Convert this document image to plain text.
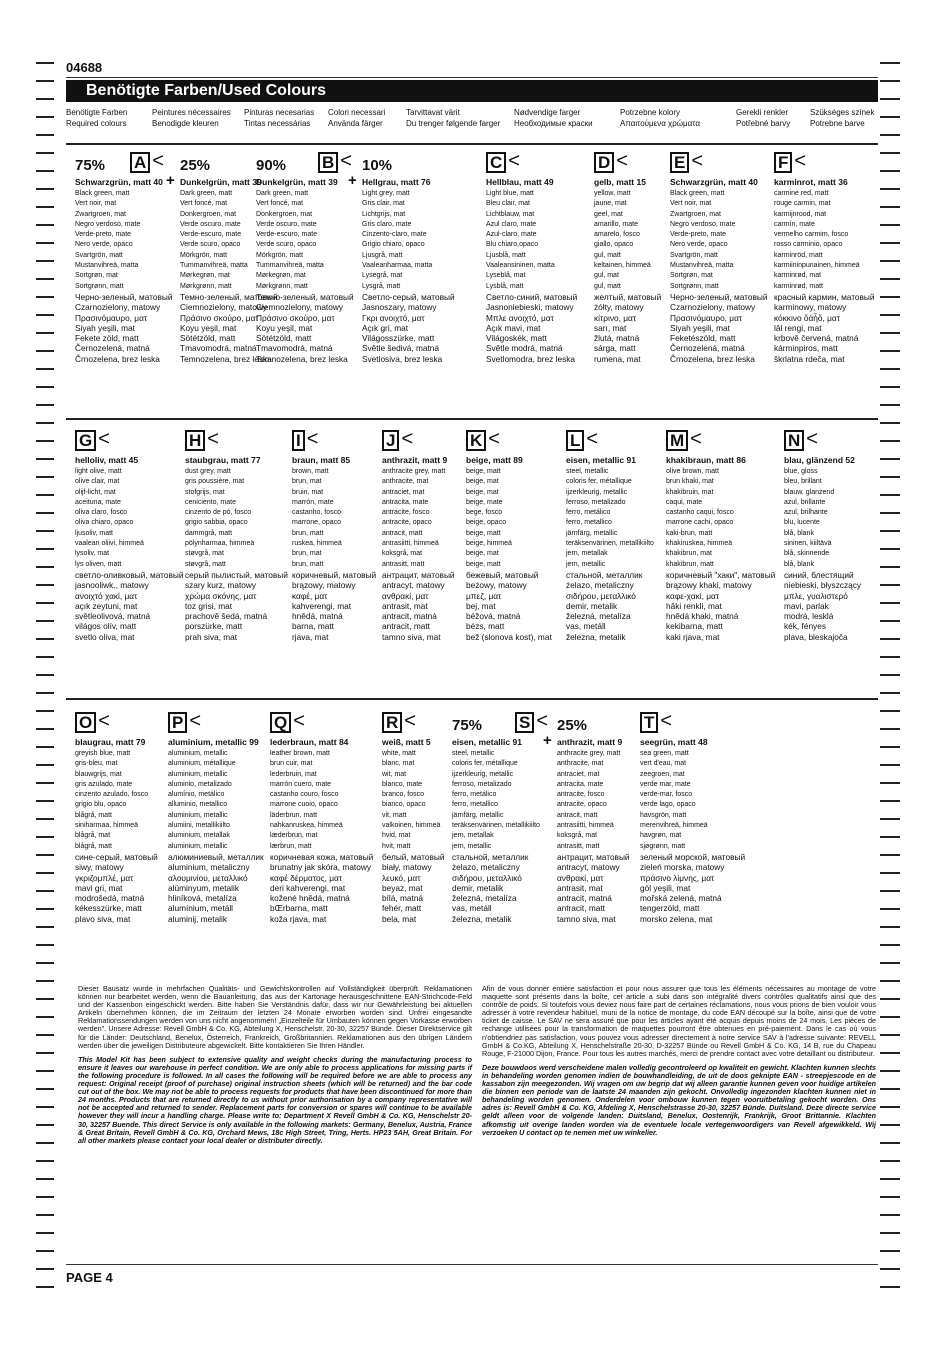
04688
Benötigte Farben/Used Colours
Benötigte Farben
Required colours
Peintures nécessaires
Benodigde kleuren
Pinturas necesarias
Tintas necessárias
Colori necessari
Använda färger
Tarvittavat värit
Du trenger følgende farger
Nødvendige farger
Необходимые краски
Potrzebne kolory
Απαιτούμενα χρώματα
Gerekli renkler
Potřebné barvy
Szükséges színek
Potrebne barve
C <
Hellblau, matt 49
Light blue, matt
Bleu clair, mat
Lichtblauw, mat
Azul claro, mate
Azul-claro, mate
Blu chiaro,opaco
Ljusblå, matt
Vaaleansininen, matta
Lyseblå, mat
Lysblå, matt
Светло-синий, матовый
Jasnoniebieski, matowy
Μπλε ανοιχτό, ματ
Açık mavi, mat
Világoskék, matt
Světle modrá, matná
Svetlomodra, brez leska
D <
gelb, matt 15
yellow, matt
jaune, mat
geel, mat
amarillo, mate
amarelo, fosco
giallo, opaco
gul, matt
keltainen, himmeä
gul, mat
gul, matt
желтый, матовый
żółty, matowy
κίτρινο, ματ
sarı, mat
žlutá, matná
sárga, matt
rumena, mat
E <
Schwarzgrün, matt 40
Black green, matt
Vert noir, mat
Zwartgroen, mat
Negro verdoso, mate
Verde-preto, mate
Nero verde, opaco
Svartgrön, matt
Mustanvihreä, matta
Sortgrøn, mat
Sortgrønn, matt
Черно-зеленый, матовый
Czarnozielony, matowy
Πρασινόμαυρο, ματ
Siyah yeşili, mat
Feketészöld, matt
Černozelená, matná
Črnozelena, brez leska
F <
karminrot, matt 36
carmine red, matt
rouge carmin, mat
karmijnrood, mat
carmín, mate
vermelho carmim, fosco
rosso carminio, opaco
karminröd, matt
karmiininpunainen, himmeä
karminrød, mat
karminrød, matt
красный кармин, матовый
karminowy, matowy
κόκκινο ὄάἧὄ, ματ
lâl rengi, mat
krbově červená, matná
kárminpiros, matt
škrlatna rdeča, mat
G <
helloliv, matt 45
light olive, matt
olive clair, mat
olijf-licht, mat
aceituna, mate
oliva claro, fosco
oliva chiaro, opaco
ljusoliv, matt
vaalean oliivi, himmeä
lysoliv, mat
lys oliven, matt
светло-оливковый, матовый
jasnooliwk., matowy
ανοιχτό χακί, ματ
açık zeytuni, mat
světleolivová, matná
világos olív, matt
svetlo oliva, mat
H <
staubgrau, matt 77
dust grey, matt
gris poussière, mat
stofgrijs, mat
ceniciento, mate
cinzento de pó, fosco
grigio sabbia, opaco
dammgrå, matt
pölynharmaa, himmeä
støvgrå, mat
støvgrå, matt
серый пылистый, матовый
szary kurz, matowy
χρώμα σκόνης, ματ
toz grisi, mat
prachově šedá, matná
porszürke, matt
prah siva, mat
I <
braun, matt 85
brown, matt
brun, mat
bruin, mat
marrón, mate
castanho, fosco
marrone, opaco
brun, matt
ruskea, himmeä
brun, mat
brun, matt
коричневый, матовый
brązowy, matowy
καφέ, ματ
kahverengi, mat
hnědá, matná
barna, matt
rjava, mat
J <
anthrazit, matt 9
anthracite grey, matt
anthracite, mat
antraciet, mat
antracita, mate
antracite, fosco
antracite, opaco
antracit, matt
antrasiitti, himmeä
koksgrå, mat
antrasitt, matt
антрацит, матовый
antracyt, matowy
ανθρακί, ματ
antrasit, mat
antracit, matná
antracit, matt
tamno siva, mat
K <
beige, matt 89
beige, matt
beige, mat
beige, mat
beige, mate
bege, fosco
beige, opaco
beige, matt
beige, himmeä
beige, mat
beige, matt
бежевый, матовый
beżowy, matowy
μπεζ, ματ
bej, mat
béžová, matná
bézs, matt
bež (slonova kost), mat
L <
eisen, metallic 91
steel, metallic
coloris fer, métallique
ijzerkleurig, metallic
ferroso, metalizado
ferro, metálico
ferro, metallico
järnfärg, metallic
teräksenvärinen, metallikiiltо
jern, metallak
jern, metallic
стальной, металлик
żelazo, metaliczny
σιδήρου, μεταλλικό
demir, metalik
železná, metalíza
vas, metáll
železna, metalik
M <
khakibraun, matt 86
olive brown, matt
brun khaki, mat
khakibruin, mat
caqui, mate
castanho caqui, fosco
marrone cachi, opaco
kaki-brun, matt
khakiruskea, himmeä
khakibrun, mat
khakibrun, matt
коричневый "хаки", матовый
brązowy khaki, matowy
καφε-χακί, ματ
hâki renkli, mat
hnědá khaki, matná
kekibarna, matt
kaki rjava, mat
N <
blau, glänzend 52
blue, gloss
bleu, brillant
blauw, glanzend
azul, brillante
azul, brilhante
blu, lucente
blå, blank
sininen, kiiltävä
blå, skinnende
blå, blank
синий, блестящий
niebieski, błyszczący
μπλε, γυαλιστερό
mavi, parlak
modrá, lesklá
kék, fényes
plava, bleskajoča
O <
blaugrau, matt 79
greyish blue, matt
gris-bleu, mat
blauwgrijs, mat
gris azulado, mate
cinzento azulado, fosco
grigio blu, opaco
blågrå, matt
siniharmaa, himmeä
blågrå, mat
blågrå, matt
сине-серый, матовый
siwy, matowy
γκριζομπλέ, ματ
mavi gri, mat
modrošedá, matná
kékesszürke, matt
plavo siva, mat
P <
aluminium, metallic 99
aluminium, metallic
aluminium, métallique
aluminium, metallic
aluminio, metalizado
alumínio, metálico
alluminio, metallico
aluminium, metallic
alumiini, metallikiilto
aluminium, metallak
aluminium, metallic
алюминиевый, металлик
aluminium, metaliczny
αλουμινίου, μεταλλικό
alüminyum, metalik
hliníková, metalíza
alumínium, metáll
aluminij, metalik
Q <
lederbraun, matt 84
leather brown, matt
brun cuir, mat
lederbruin, mat
marrón cuero, mate
castanho couro, fosco
marrone cuoio, opaco
läderbrun, matt
nahkanruskea, himmeä
læderbrun, mat
lærbrun, matt
коричневая кожа, матовый
brunatny jak skóra, matowy
καφέ δέρματος, ματ
deri kahverengi, mat
kožené hnědá, matná
bŒrbarna, matt
koža rjava, mat
R <
weiß, matt 5
white, matt
blanc, mat
wit, mat
blanco, mate
branco, fosco
bianco, opaco
vit, matt
valkoinen, himmeä
hvid, mat
hvit, matt
белый, матовый
biały, matowy
λευκό, ματ
beyaz, mat
bílá, matná
fehér, matt
bela, mat
T <
seegrün, matt 48
sea green, matt
vert d'eau, mat
zeegroen, mat
verde mar, mate
verde-mar, fosco
verde lago, opaco
havsgrön, matt
merenvihreä, himmeä
havgrøn, mat
sjøgrønn, matt
зеленый морской, матовый
zieleń morska, matowy
πράσινο λίμνης, ματ
göl yeşili, mat
mořská zelená, matná
tengerzöld, matt
morsko zelena, mat
75% A < 25%
Schwarzgrün, matt 40
Black green, matt
Vert noir, mat
Zwartgroen, mat
Negro verdoso, mate
Verde-preto, mate
Nero verde, opaco
Svartgrön, matt
Mustanvihreä, matta
Sortgrøn, mat
Sortgrønn, matt
Черно-зеленый, матовый
Czarnozielony, matowy
Πρασινόμαυρο, ματ
Siyah yeşili, mat
Fekete zöld, matt
Černozelená, matná
Črnozelena, brez leska
Dunkelgrün, matt 39
Dark green, matt
Vert foncé, mat
Donkergroen, mat
Verde oscuro, mate
Verde-escuro, mate
Verde scuro, opaco
Mörkgrön, matt
Tummanvihreä, matta
Mørkegrøn, mat
Mørkgrønn, matt
Темно-зеленый, матовый
Ciemnozielony, matowy
Πράσινο σκούρο, ματ
Koyu yeşil, mat
Sötétzöld, matt
Tmavomodrá, matná
Temnozelena, brez leska
+
90% B < 10%
Dunkelgrün, matt 39
Dark green, matt
Vert foncé, mat
Donkergroen, mat
Verde oscuro, mate
Verde-escuro, mate
Verde scuro, opaco
Mörkgrön, matt
Tummanvihreä, matta
Mørkegrøn, mat
Mørkgrønn, matt
Темно-зеленый, матовый
Ciemnozielony, matowy
Πράσινο σκούρο, ματ
Koyu yeşil, mat
Sötétzöld, matt
Tmavomodrá, matná
Temnozelena, brez leska
Hellgrau, matt 76
Light grey, matt
Gris clair, mat
Lichtgrijs, mat
Gris claro, mate
Cinzento-claro, mate
Grigio chiaro, opaco
Ljusgrå, matt
Vaaleanharmaa, matta
Lysegrå, mat
Lysgrå, matt
Светло-серый, матовый
Jasnoszary, matowy
Γκρι ανοιχτό, ματ
Açık gri, mat
Világosszürke, matt
Světle šedivá, matná
Svetlosiva, brez leska
+
75% S < 25%
eisen, metallic 91
steel, metallic
coloris fer, métallique
ijzerkleurig, metallic
ferroso, metalizado
ferro, metálico
ferro, metallico
järnfärg, metallic
teräksenvärinen, metallikiilto
jern, metallak
jern, metallic
стальной, металлик
żelazo, metaliczny
σιδήρου, μεταλλικό
demir, metalik
železná, metalíza
vas, metáll
železna, metalik
anthrazit, matt 9
anthracite grey, matt
anthracite, mat
antraciet, mat
antracita, mate
antracite, fosco
antracite, opaco
antracit, matt
antrasiitti, himmeä
koksgrå, mat
antrasitt, matt
антрацит, матовый
antracyt, matowy
ανθρακί, ματ
antrasit, mat
antracit, matná
antracit, matt
tamno siva, mat
+

Dieser Bausatz wurde in mehrfachen Qualitäts- und Gewichtskontrollen auf Vollständigkeit überprüft. Reklamationen können nur bearbeitet werden, wenn die Bauanleitung, das aus der Kartonage herausgeschnittene EAN-Strichcode-Feld und der Kassenbon eingeschickt werden. Bitte haben Sie Verständnis dafür, dass wir nur Gewährleistung bei aktuellen Artikeln übernehmen können, die im Zeitraum der letzten 24 Monate erworben worden sind. Unfrei eingesandte Reklamationssendungen werden von uns nicht angenommen! „Einzelteile für Umbauten können gegen Vorkasse erworben werden". Unsere Adresse: Revell GmbH & Co. KG, Abteilung X, Henschelstr. 20-30, 32257 Bünde. Dieser Direktservice gilt für die Länder: Deutschland, Benelux, Österreich, Frankreich, Großbritannien. Reklamationen aus den übrigen Ländern werden über die jeweiligen Distributeure abgewickelt. Bitte kontaktieren Sie Ihren Händler.

This Model Kit has been subject to extensive quality and weight checks during the manufacturing process to ensure it leaves our warehouse in perfect condition. We are only able to process applications for missing parts if the following procedure is followed. In all cases the following will be required before we are able to process any request: Original receipt (proof of purchase) original instruction sheets (which will be returned) and the bar code cut out of the box. We may not be able to process requests for products that have been discontinued for more than 24 months. Products that are returned directly to us without prior authorisation by a company representative will not be accepted and returned to sender. Replacement parts for conversion or spares will continue to be available however they will incur a handling charge. Please write to: Department X Revell GmbH & Co. KG, Henschelstr 20-30, 32257 Buende. This direct Service is only available in the following markets: Germany, Benelux, Austria, France & Great Britain, Revell GmbH & Co. KG, Orchard Mews, 18c High Street, Tring, Herts. HP23 5AH, Great Britain. For all other markets please contact your local dealer or distributer directly.

Afin de vous donner entière satisfaction et pour nous assurer que tous les éléments nécessaires au montage de votre maquette sont présents dans la boîte, cet article a subi dans son intégralité divers contrôles qualitatifs ainsi que des contrôle de poids. Si toutefois vous deviez nous faire part de certaines réclamations, nous vous prions de bien vouloir vous adresser à votre revendeur habituel, muni de la notice de montage, du code EAN découpé sur la boîte, ainsi que de votre ticket de caisse. Le SAV ne sera assuré que pour les articles ayant été acquis depuis moins de 24 mois. Les pièces de rechange utilisées pour la transformation de maquettes pourront être obtenues en pré-paiement. Dans le cas où vous n'obtiendriez pas satisfaction, vous pouvez vous adresser directement à notre service SAV à l'adresse suivante: REVELL GmbH & Co.KG, Abteilung X, Henschelstraße 20-30, D-32257 Bünde ou Revell GmbH & Co. KG, 14 B, rue du Chapeau Rouge, F-21000 Dijon, France. Pour tous les autres marchés, merci de prendre contact avec votre detaillant ou distributeur.

Deze bouwdoos werd verscheidene malen volledig gecontroleerd op kwaliteit en gewicht. Klachten kunnen slechts in behandeling worden genomen indien de bouwhandleiding, de uit de doos geknipte EAN - streepjescode en de kassabon zijn meegezonden. Wij vragen om uw begrip dat wij alleen garantie kunnen geven voor huidige artikelen die binnen een periode van de laatste 24 maanden zijn gekocht. Onvolledig ingezonden klachten kunnen niet in behandeling worden genomen. Onderdelen voor ombouw kunnen tegen vooruitbetaling gekocht worden. Ons adres is: Revell GmbH & Co. KG, Afdeling X, Henschelstrasse 20-30, 32257 Bünde. Duitsland. Deze directe service geldt alleen voor de volgende landen: Duitsland, Benelux, Oostenrijk, Frankrijk, Groot Brittannie. Klachten afkomstig uit overige landen worden via de eventuele locale vertegenwoordigers van Revell afgewikkeld. Wij verzoeken U contact op te nemen met uw winkelier.

PAGE 4
